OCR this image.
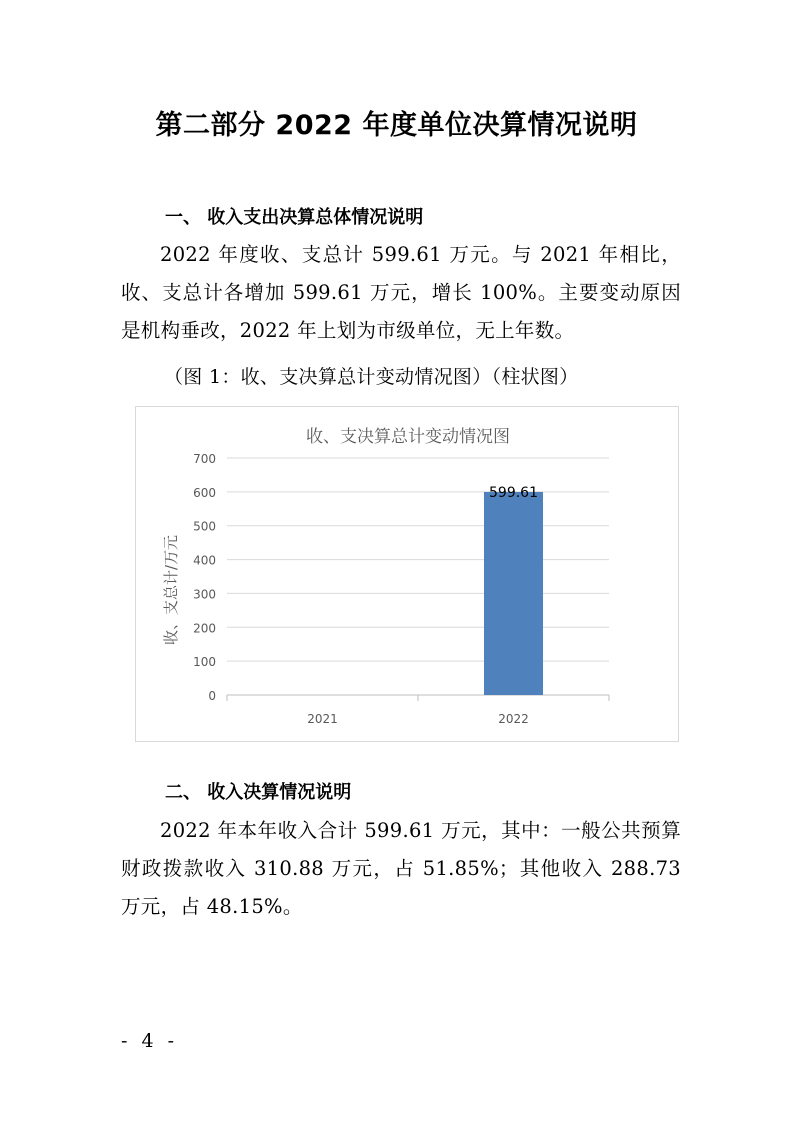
第二部分 2022 年度单位决算情况说明
一、 收入支出决算总体情况说明
2022 年度收、支总计 599.61 万元。与 2021 年相比，收、支总计各增加 599.61 万元，增长 100%。主要变动原因是机构垂改，2022 年上划为市级单位，无上年数。
（图 1：收、支决算总计变动情况图）（柱状图）
收、支决算总计变动情况图
收、支总计/万元
599.61
0
100
200
300
400
500
600
700
2021	2022
二、 收入决算情况说明
2022 年本年收入合计 599.61 万元，其中：一般公共预算财政拨款收入 310.88 万元，占 51.85%；其他收入 288.73 万元，占 48.15%。
- 4 -
